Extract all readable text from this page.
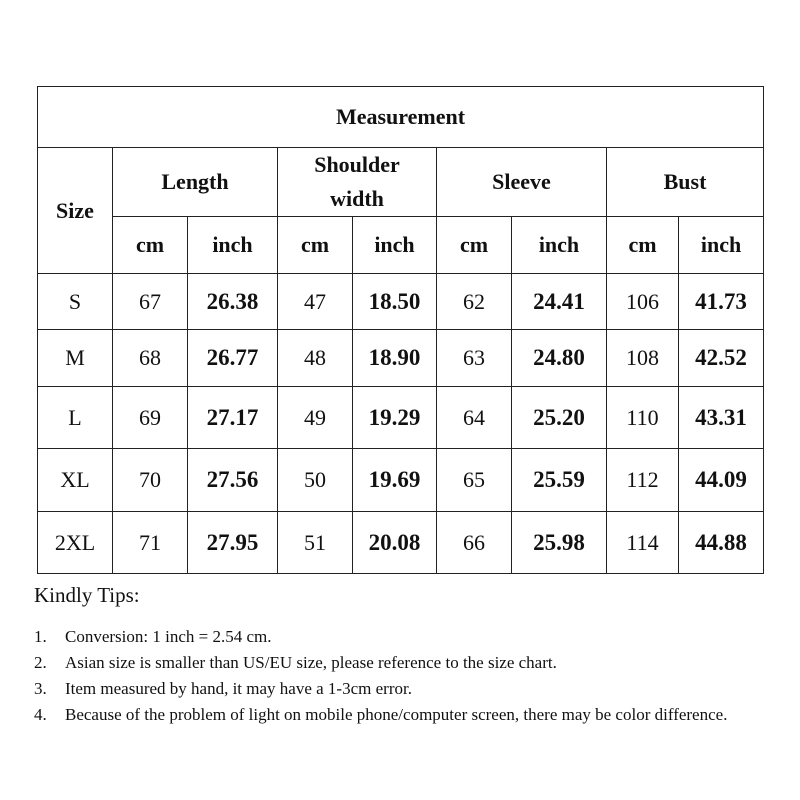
Measurement								
Size	Length		Shoulder width		Sleeve		Bust	
	cm	inch	cm	inch	cm	inch	cm	inch
S	67	26.38	47	18.50	62	24.41	106	41.73
M	68	26.77	48	18.90	63	24.80	108	42.52
L	69	27.17	49	19.29	64	25.20	110	43.31
XL	70	27.56	50	19.69	65	25.59	112	44.09
2XL	71	27.95	51	20.08	66	25.98	114	44.88
Kindly Tips:
1.	Conversion: 1 inch = 2.54 cm.
2.	Asian size is smaller than US/EU size, please reference to the size chart.
3.	Item measured by hand, it may have a 1-3cm error.
4.	Because of the problem of light on mobile phone/computer screen, there may be color difference.
